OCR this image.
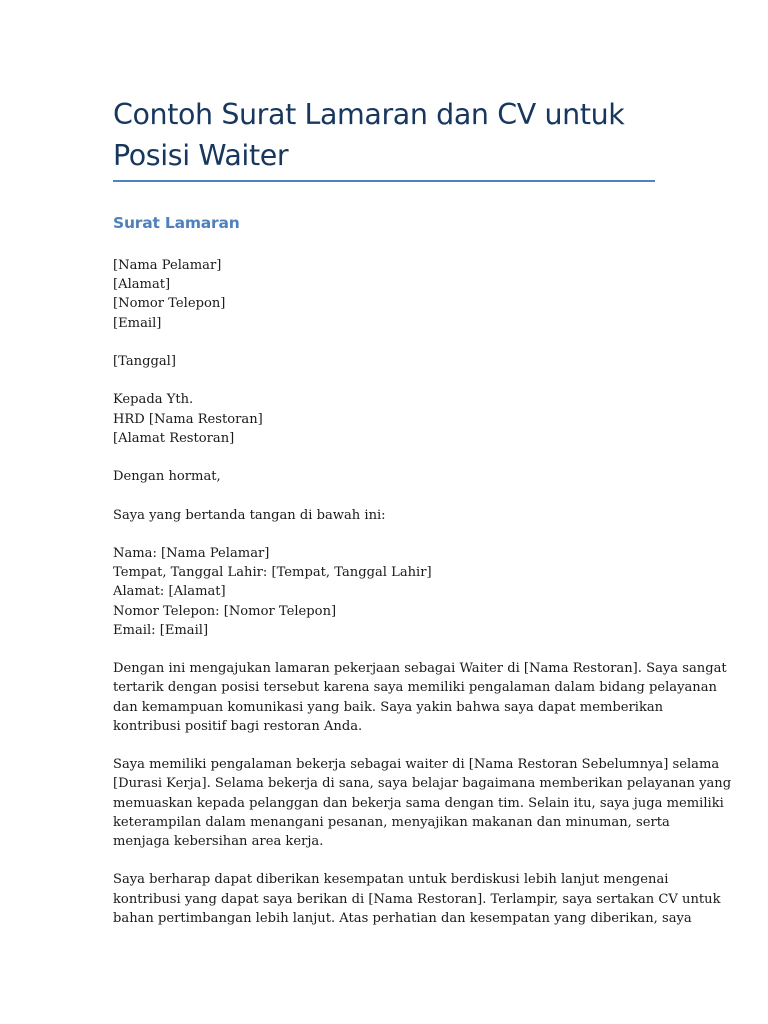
Contoh Surat Lamaran dan CV untuk
Posisi Waiter
Surat Lamaran

[Nama Pelamar]
[Alamat]
[Nomor Telepon]
[Email]

[Tanggal]

Kepada Yth.
HRD [Nama Restoran]
[Alamat Restoran]

Dengan hormat,

Saya yang bertanda tangan di bawah ini:

Nama: [Nama Pelamar]
Tempat, Tanggal Lahir: [Tempat, Tanggal Lahir]
Alamat: [Alamat]
Nomor Telepon: [Nomor Telepon]
Email: [Email]

Dengan ini mengajukan lamaran pekerjaan sebagai Waiter di [Nama Restoran]. Saya sangat
tertarik dengan posisi tersebut karena saya memiliki pengalaman dalam bidang pelayanan
dan kemampuan komunikasi yang baik. Saya yakin bahwa saya dapat memberikan
kontribusi positif bagi restoran Anda.

Saya memiliki pengalaman bekerja sebagai waiter di [Nama Restoran Sebelumnya] selama
[Durasi Kerja]. Selama bekerja di sana, saya belajar bagaimana memberikan pelayanan yang
memuaskan kepada pelanggan dan bekerja sama dengan tim. Selain itu, saya juga memiliki
keterampilan dalam menangani pesanan, menyajikan makanan dan minuman, serta
menjaga kebersihan area kerja.

Saya berharap dapat diberikan kesempatan untuk berdiskusi lebih lanjut mengenai
kontribusi yang dapat saya berikan di [Nama Restoran]. Terlampir, saya sertakan CV untuk
bahan pertimbangan lebih lanjut. Atas perhatian dan kesempatan yang diberikan, saya
